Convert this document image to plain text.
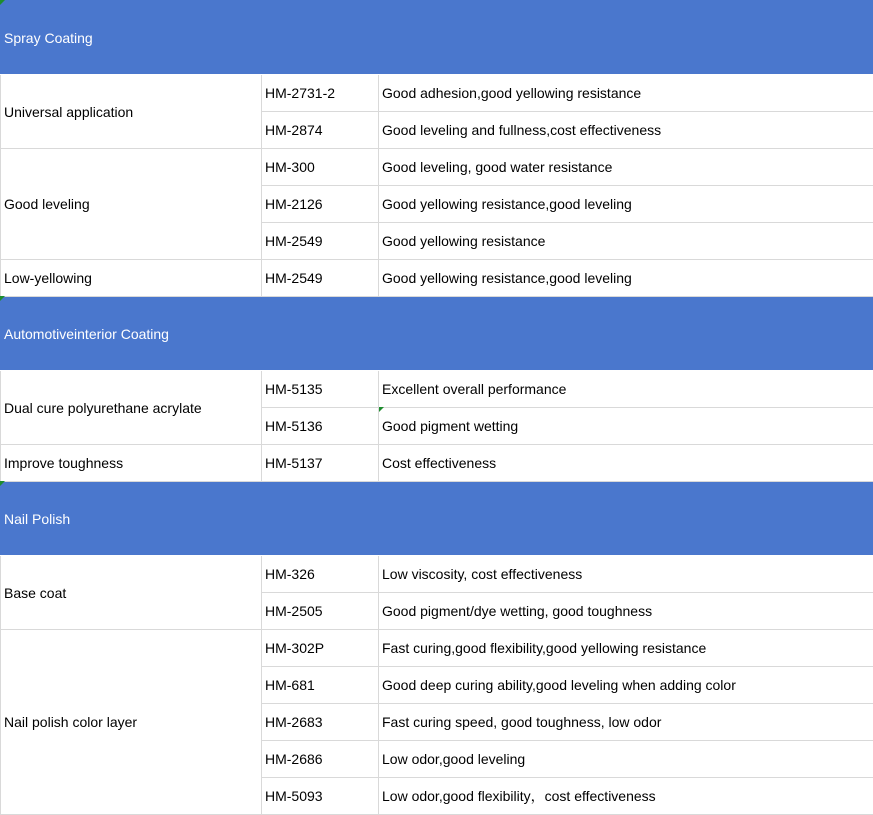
Spray Coating		
Universal application	HM-2731-2	Good adhesion,good yellowing resistance
	HM-2874	Good leveling and fullness,cost effectiveness
Good leveling	HM-300	Good leveling, good water resistance
	HM-2126	Good yellowing resistance,good leveling
	HM-2549	Good yellowing resistance
Low-yellowing	HM-2549	Good yellowing resistance,good leveling
Automotiveinterior Coating		
Dual cure polyurethane acrylate	HM-5135	Excellent overall performance
	HM-5136	Good pigment wetting
Improve toughness	HM-5137	Cost effectiveness
Nail Polish		
Base coat	HM-326	Low viscosity, cost effectiveness
	HM-2505	Good pigment/dye wetting, good toughness
Nail polish color layer	HM-302P	Fast curing,good flexibility,good yellowing resistance
	HM-681	Good deep curing ability,good leveling when adding color
	HM-2683	Fast curing speed, good toughness, low odor
	HM-2686	Low odor,good leveling
	HM-5093	Low odor,good flexibility，cost effectiveness
